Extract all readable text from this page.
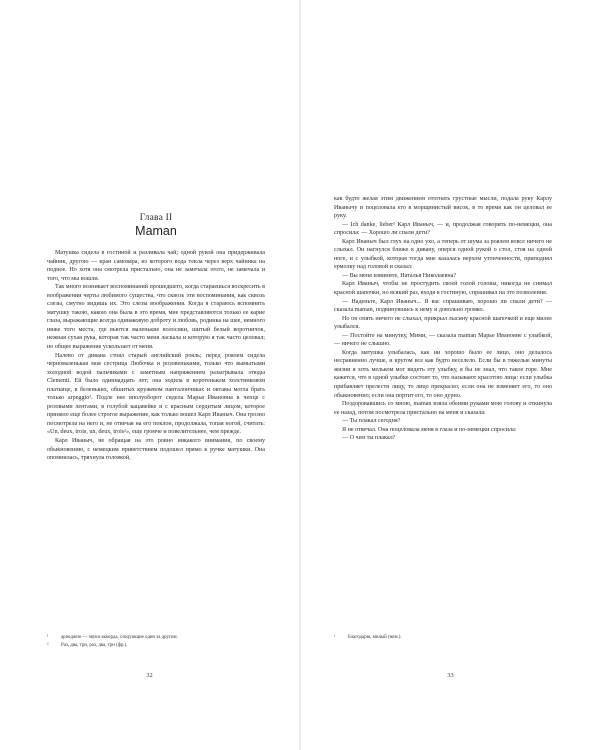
Глава II
Maman

Матушка сидела в гостиной и разливала чай; одной рукой она придерживала чайник, другою — кран самовара, из которого вода текла через верх чайника на подное. Но хотя она смотрела пристально, она не замечала этого, не замечала и того, что мы вошли.

Так много возникает воспоминаний прошедшего, когда стараешься воскресить в воображении черты любимого существа, что сквозь эти воспоминания, как сквозь слезы, смутно видишь их. Это слезы воображения. Когда я стараюсь вспомнить матушку такою, какою она была в это время, мне представляются только ее карие глаза, выражающие всегда одинаковую доброту и любовь, родинка на шее, немного ниже того места, где вьются маленькие волосики, шитый белый воротничок, нежная сухая рука, которая так часто меня ласкала и которую я так часто целовал; но общее выражение ускользает от меня.

Налево от дивана стоял старый английский рояль; перед роялем сидела черномазенькая моя сестрица Любочка и розовенькими, только что вымытыми холодной водой пальчиками с заметным напряжением разыгрывала этюды Clementi. Ей было одиннадцать лет; она ходила в коротеньком холстинковом платьице, в беленьких, обшитых кружевом панталончиках и октавы могла брать только arpeggio¹. Подле нее вполуоборот сидела Марья Ивановна в чепце с розовыми лентами, в голубой кацавейке и с красным сердитым лицом, которое приняло еще более строгое выражение, как только вошел Карл Иваныч. Она грозно посмотрела на него и, не отвечая на его поклон, продолжала, топая ногой, считать: «Un, deux, trois, un, deux, trois²», еще громче и повелительнее, чем прежде.

Карл Иваныч, не обращая на это ровно никакого внимания, по своему обыкновению, с немецким приветствием подошел прямо к ручке матушки. Она опомнилась, тряхнула головкой,

¹	арпеджио — звуки аккорда, следующие один за другим.
²	Раз, два, три, раз, два, три (фр.).
32

как будто желая этим движением отогнать грустные мысли, подала руку Карлу Иванычу и поцеловала его в морщинистый висок, в то время как он целовал ее руку.

— Ich danke, lieber¹ Карл Иваныч, — и, продолжая говорить по-немецки, она спросила: — Хорошо ли спали дети?

Карл Иваныч был глух на одно ухо, а теперь от шума за роялем вовсе ничего не слыхал. Он нагнулся ближе к дивану, оперся одной рукой о стол, стоя на одной ноге, и с улыбкой, которая тогда мне казалась верхом утонченности, приподнял ермолку над головой и сказал:

— Вы меня извините, Наталья Николаевна?

Карл Иваныч, чтобы не простудить своей голой головы, никогда не снимал красной шапочки, но всякий раз, входя в гостиную, спрашивал на это позволения.

— Наденьте, Карл Иваныч... Я вас спрашиваю, хорошо ли спали дети? — сказала maman, подвинувшись к нему и довольно громко.

Но он опять ничего не слыхал, прикрыл лысину красной шапочкой и еще милее улыбался.

— Постойте на минутку, Мими, — сказала maman Марье Ивановне с улыбкой, — ничего не слышно.

Когда матушка улыбалась, как ни хорошо было ее лицо, оно делалось несравненно лучше, и кругом все как будто веселело. Если бы в тяжелые минуты жизни я хоть мельком мог видеть эту улыбку, я бы не знал, что такое горе. Мне кажется, что в одной улыбке состоит то, что называют красотою лица: если улыбка прибавляет прелести лицу, то лицо прекрасно; если она не изменяет его, то оно обыкновенно; если она портит его, то оно дурно.

Поздоровавшись со мною, maman взяла обеими руками мою голову и откинула ее назад, потом посмотрела пристально на меня и сказала:

— Ты плакал сегодня?

Я не отвечал. Она поцеловала меня в глаза и по-немецки спросила:

— О чем ты плакал?

¹	Благодарю, милый (нем.).
33
